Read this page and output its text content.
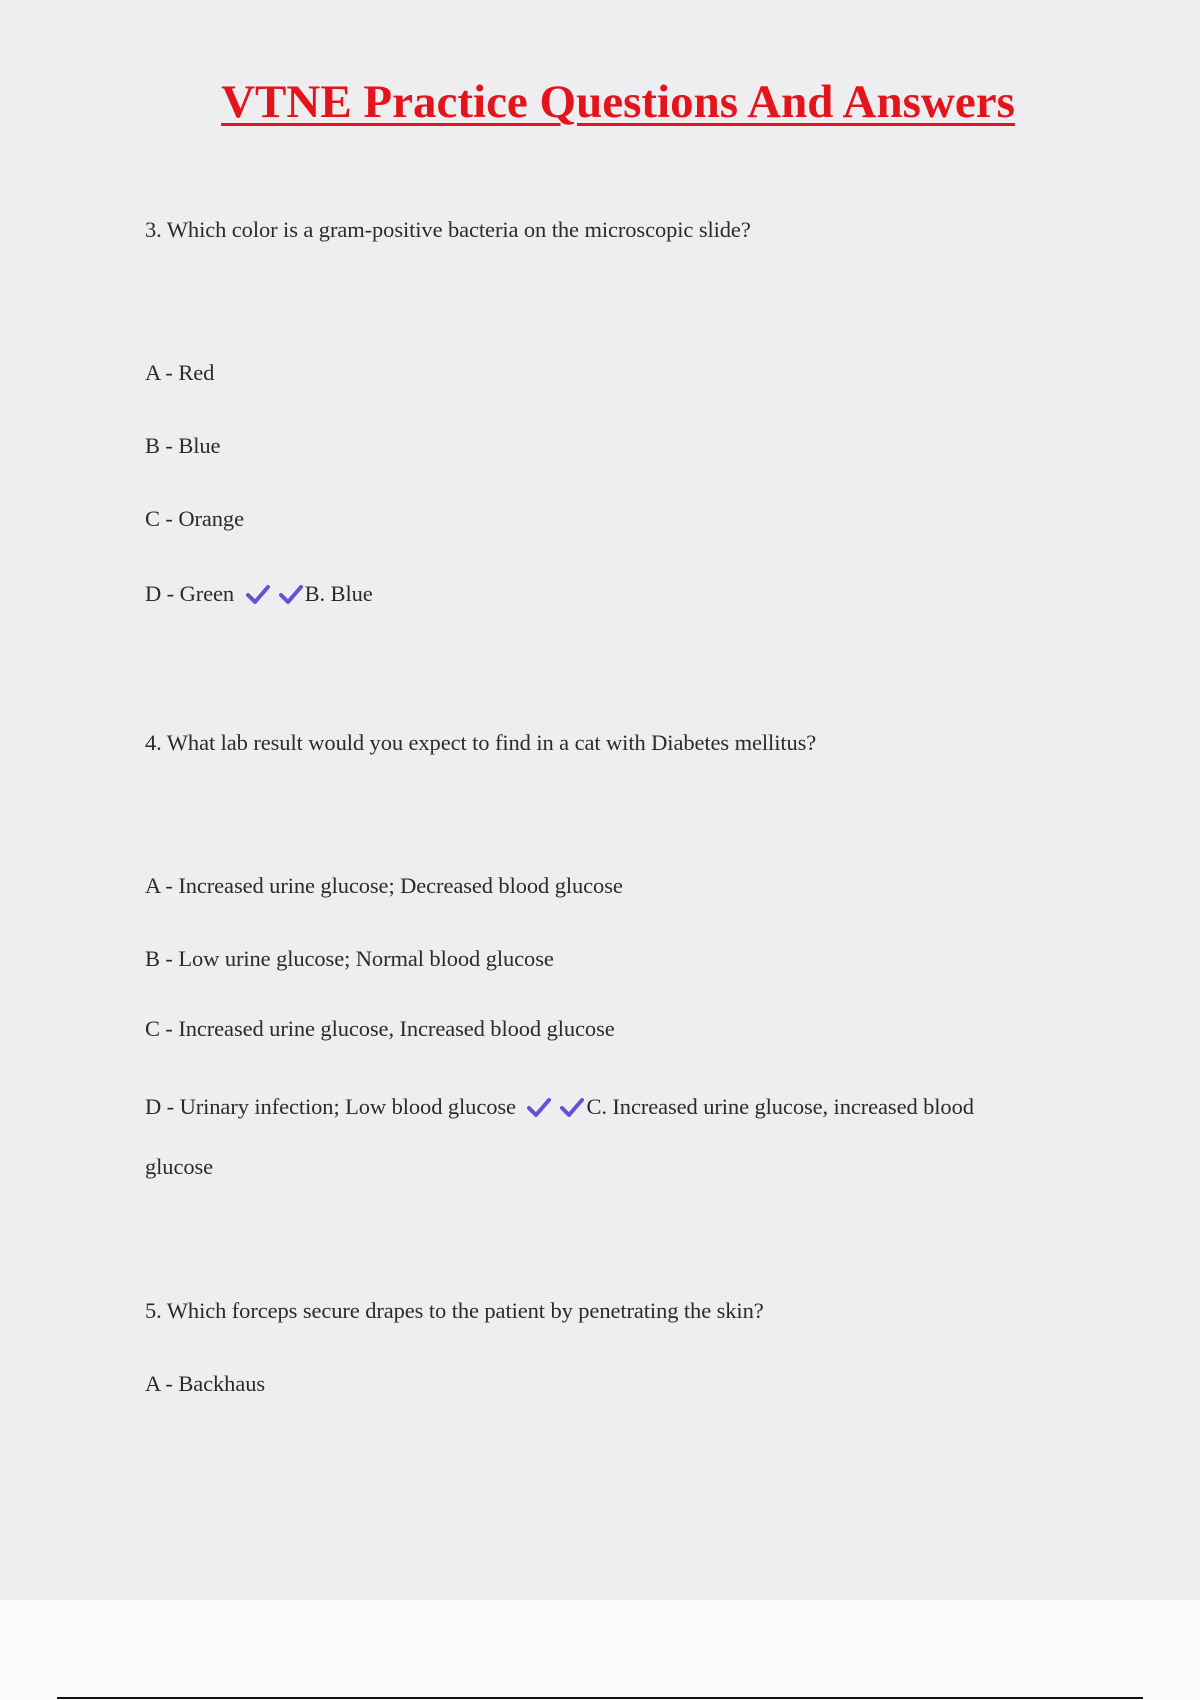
VTNE Practice Questions And Answers
3. Which color is a gram-positive bacteria on the microscopic slide?
A - Red
B - Blue
C - Orange
D - Green	B. Blue
4. What lab result would you expect to find in a cat with Diabetes mellitus?
A - Increased urine glucose; Decreased blood glucose
B - Low urine glucose; Normal blood glucose
C - Increased urine glucose, Increased blood glucose
D - Urinary infection; Low blood glucose	C. Increased urine glucose, increased blood
glucose
5. Which forceps secure drapes to the patient by penetrating the skin?
A - Backhaus
